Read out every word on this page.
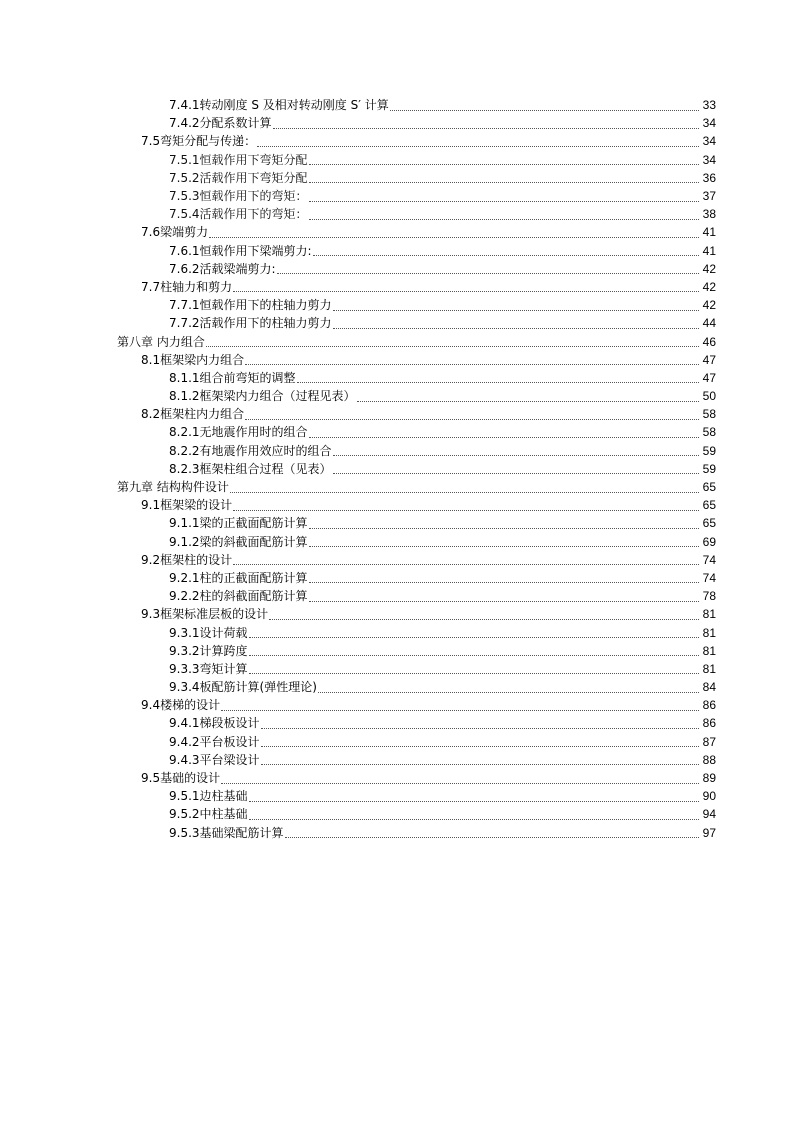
7.4.1转动刚度 S 及相对转动刚度 S′ 计算	33
7.4.2分配系数计算	34
7.5弯矩分配与传递：	34
7.5.1恒载作用下弯矩分配	34
7.5.2活载作用下弯矩分配	36
7.5.3恒载作用下的弯矩：	37
7.5.4活载作用下的弯矩：	38
7.6梁端剪力	41
7.6.1恒载作用下梁端剪力:	41
7.6.2活载梁端剪力:	42
7.7柱轴力和剪力	42
7.7.1恒载作用下的柱轴力剪力	42
7.7.2活载作用下的柱轴力剪力	44
第八章 内力组合	46
8.1框架梁内力组合	47
8.1.1组合前弯矩的调整	47
8.1.2框架梁内力组合（过程见表）	50
8.2框架柱内力组合	58
8.2.1无地震作用时的组合	58
8.2.2有地震作用效应时的组合	59
8.2.3框架柱组合过程（见表）	59
第九章 结构构件设计	65
9.1框架梁的设计	65
9.1.1梁的正截面配筋计算	65
9.1.2梁的斜截面配筋计算	69
9.2框架柱的设计	74
9.2.1柱的正截面配筋计算	74
9.2.2柱的斜截面配筋计算	78
9.3框架标准层板的设计	81
9.3.1设计荷载	81
9.3.2计算跨度	81
9.3.3弯矩计算	81
9.3.4板配筋计算(弹性理论)	84
9.4楼梯的设计	86
9.4.1梯段板设计	86
9.4.2平台板设计	87
9.4.3平台梁设计	88
9.5基础的设计	89
9.5.1边柱基础	90
9.5.2中柱基础	94
9.5.3基础梁配筋计算	97
